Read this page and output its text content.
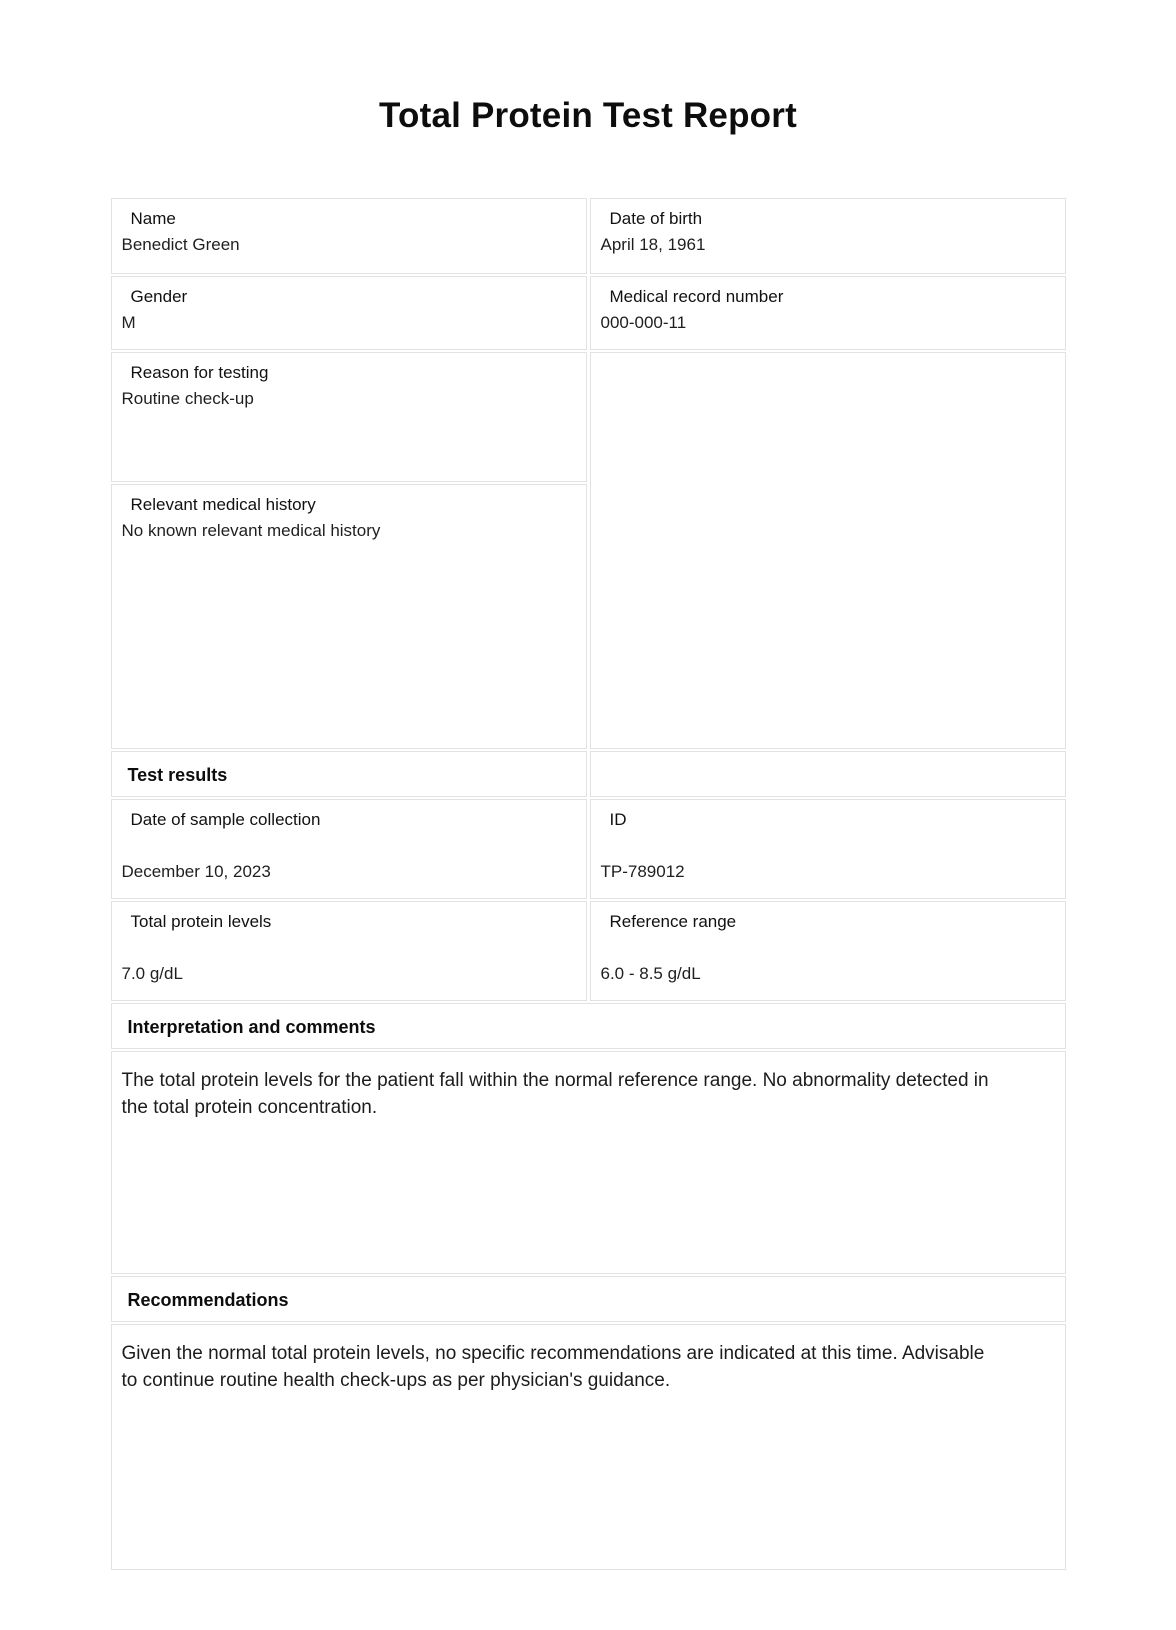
Total Protein Test Report
Name
Benedict Green
Date of birth
April 18, 1961
Gender
M
Medical record number
000-000-11
Reason for testing
Routine check-up
Relevant medical history
No known relevant medical history
Test results
Date of sample collection
December 10, 2023
ID
TP-789012
Total protein levels
7.0 g/dL
Reference range
6.0 - 8.5 g/dL
Interpretation and comments
The total protein levels for the patient fall within the normal reference range. No abnormality detected in the total protein concentration.
Recommendations
Given the normal total protein levels, no specific recommendations are indicated at this time. Advisable to continue routine health check-ups as per physician's guidance.
